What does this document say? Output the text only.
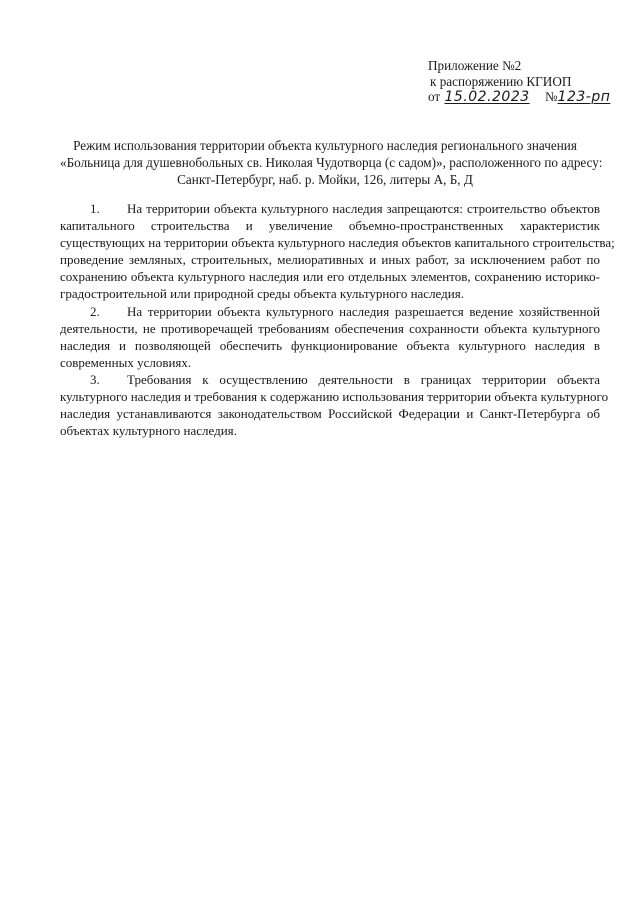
Приложение №2
к распоряжению КГИОП
от 15.02.2023 №123-рп
Режим использования территории объекта культурного наследия регионального значения
«Больница для душевнобольных св. Николая Чудотворца (с садом)», расположенного по адресу:
Санкт-Петербург, наб. р. Мойки, 126, литеры А, Б, Д

1. На территории объекта культурного наследия запрещаются: строительство объектов
капитального строительства и увеличение объемно-пространственных характеристик
существующих на территории объекта культурного наследия объектов капитального строительства;
проведение земляных, строительных, мелиоративных и иных работ, за исключением работ по
сохранению объекта культурного наследия или его отдельных элементов, сохранению историко-
градостроительной или природной среды объекта культурного наследия.

2. На территории объекта культурного наследия разрешается ведение хозяйственной
деятельности, не противоречащей требованиям обеспечения сохранности объекта культурного
наследия и позволяющей обеспечить функционирование объекта культурного наследия в
современных условиях.

3. Требования к осуществлению деятельности в границах территории объекта
культурного наследия и требования к содержанию использования территории объекта культурного
наследия устанавливаются законодательством Российской Федерации и Санкт-Петербурга об
объектах культурного наследия.
